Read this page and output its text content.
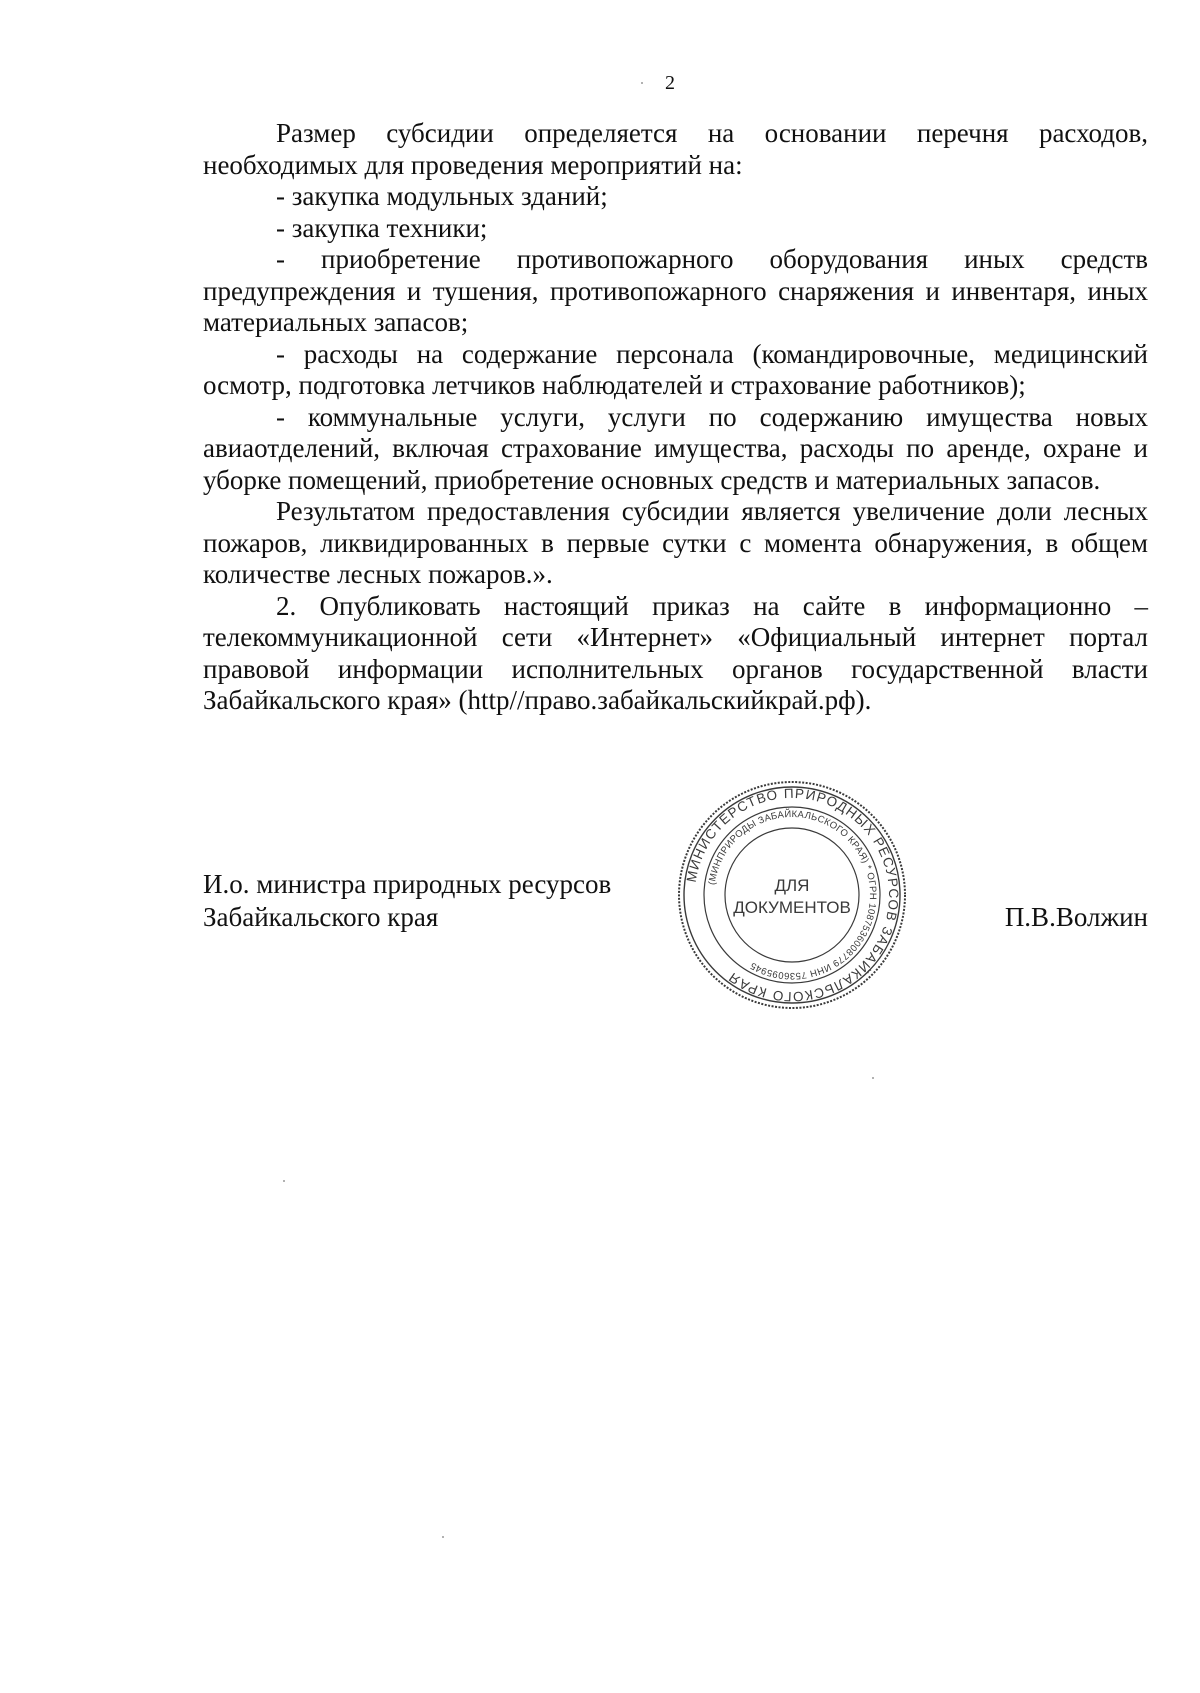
2

Размер субсидии определяется на основании перечня расходов, необходимых для проведения мероприятий на:

- закупка модульных зданий;

- закупка техники;

- приобретение противопожарного оборудования иных средств предупреждения и тушения, противопожарного снаряжения и инвентаря, иных материальных запасов;

- расходы на содержание персонала (командировочные, медицинский осмотр, подготовка летчиков наблюдателей и страхование работников);

- коммунальные услуги, услуги по содержанию имущества новых авиаотделений, включая страхование имущества, расходы по аренде, охране и уборке помещений, приобретение основных средств и материальных запасов.

Результатом предоставления субсидии является увеличение доли лесных пожаров, ликвидированных в первые сутки с момента обнаружения, в общем количестве лесных пожаров.».

2. Опубликовать настоящий приказ на сайте в информационно – телекоммуникационной сети «Интернет» «Официальный интернет портал правовой информации исполнительных органов государственной власти Забайкальского края» (http//право.забайкальскийкрай.рф).

И.о. министра природных ресурсов
Забайкальского края	П.В.Волжин
МИНИСТЕРСТВО ПРИРОДНЫХ РЕСУРСОВ ЗАБАЙКАЛЬСКОГО КРАЯ
(МИНПРИРОДЫ ЗАБАЙКАЛЬСКОГО КРАЯ) * ОГРН 1087536008779 ИНН 7536095945
ДЛЯ
ДОКУМЕНТОВ
